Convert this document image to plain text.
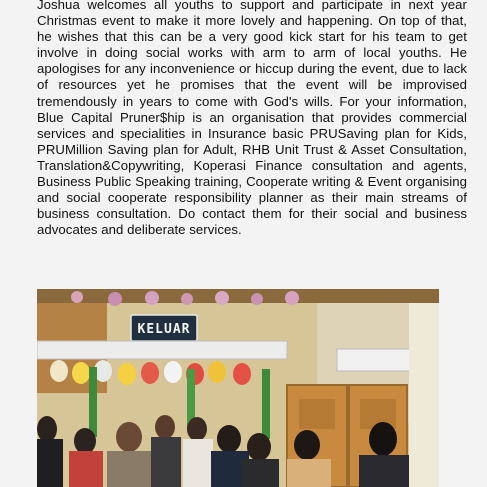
Joshua welcomes all youths to support and participate in next year Christmas event to make it more lovely and happening. On top of that, he wishes that this can be a very good kick start for his team to get involve in doing social works with arm to arm of local youths. He apologises for any inconvenience or hiccup during the event, due to lack of resources yet he promises that the event will be improvised tremendously in years to come with God's wills. For your information, Blue Capital Pruner$hip is an organisation that provides commercial services and specialities in Insurance basic PRUSaving plan for Kids, PRUMillion Saving plan for Adult, RHB Unit Trust & Asset Consultation, Translation&Copywriting, Koperasi Finance consultation and agents, Business Public Speaking training, Cooperate writing & Event organising and social cooperate responsibility planner as their main streams of business consultation. Do contact them for their social and business advocates and deliberate services.

KELUAR
